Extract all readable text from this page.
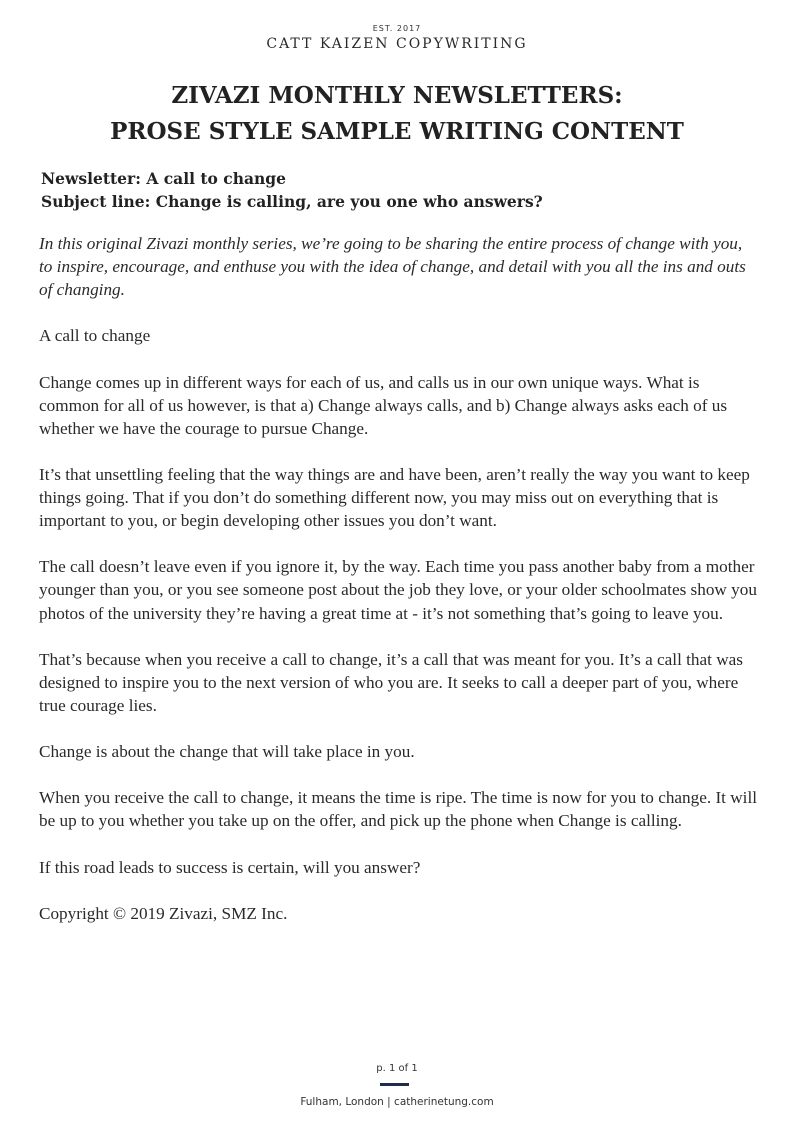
EST. 2017
CATT KAIZEN COPYWRITING
ZIVAZI MONTHLY NEWSLETTERS:
PROSE STYLE SAMPLE WRITING CONTENT
Newsletter: A call to change
Subject line: Change is calling, are you one who answers?

In this original Zivazi monthly series, we’re going to be sharing the entire process of change with you, to inspire, encourage, and enthuse you with the idea of change, and detail with you all the ins and outs of changing.

A call to change

Change comes up in different ways for each of us, and calls us in our own unique ways. What is common for all of us however, is that a) Change always calls, and b) Change always asks each of us whether we have the courage to pursue Change.

It’s that unsettling feeling that the way things are and have been, aren’t really the way you want to keep things going. That if you don’t do something different now, you may miss out on everything that is important to you, or begin developing other issues you don’t want.

The call doesn’t leave even if you ignore it, by the way. Each time you pass another baby from a mother younger than you, or you see someone post about the job they love, or your older schoolmates show you photos of the university they’re having a great time at - it’s not something that’s going to leave you.

That’s because when you receive a call to change, it’s a call that was meant for you. It’s a call that was designed to inspire you to the next version of who you are. It seeks to call a deeper part of you, where true courage lies.

Change is about the change that will take place in you.

When you receive the call to change, it means the time is ripe. The time is now for you to change. It will be up to you whether you take up on the offer, and pick up the phone when Change is calling.

If this road leads to success is certain, will you answer?

Copyright © 2019 Zivazi, SMZ Inc.

p. 1 of 1
Fulham, London | catherinetung.com
